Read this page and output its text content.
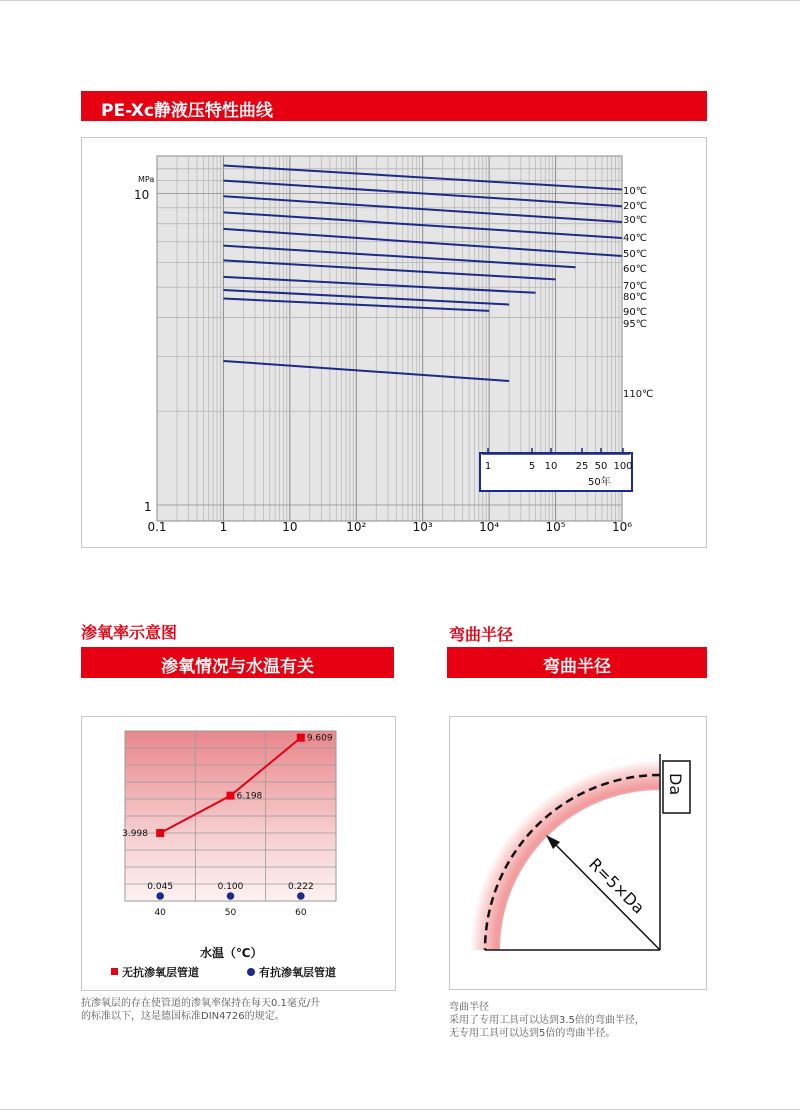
PE-Xc静液压特性曲线
MPa
10
1
0.1	1	10	10²	10³	10⁴	10⁵	10⁶
10℃
20℃
30℃
40℃
50℃
60℃
70℃
80℃
90℃
95℃
110℃
1	5 10 25 50 100
50年
渗氧率示意图
渗氧情况与水温有关
3.998
6.198
9.609
0.045	0.100	0.222
40	50	60
水温（℃）
无抗渗氧层管道	有抗渗氧层管道
抗渗氧层的存在使管道的渗氧率保持在每天0.1毫克/升
的标准以下，这是德国标准DIN4726的规定。
弯曲半径
弯曲半径
R=5×Da
Da
弯曲半径
采用了专用工具可以达到3.5倍的弯曲半径，
无专用工具可以达到5倍的弯曲半径。
